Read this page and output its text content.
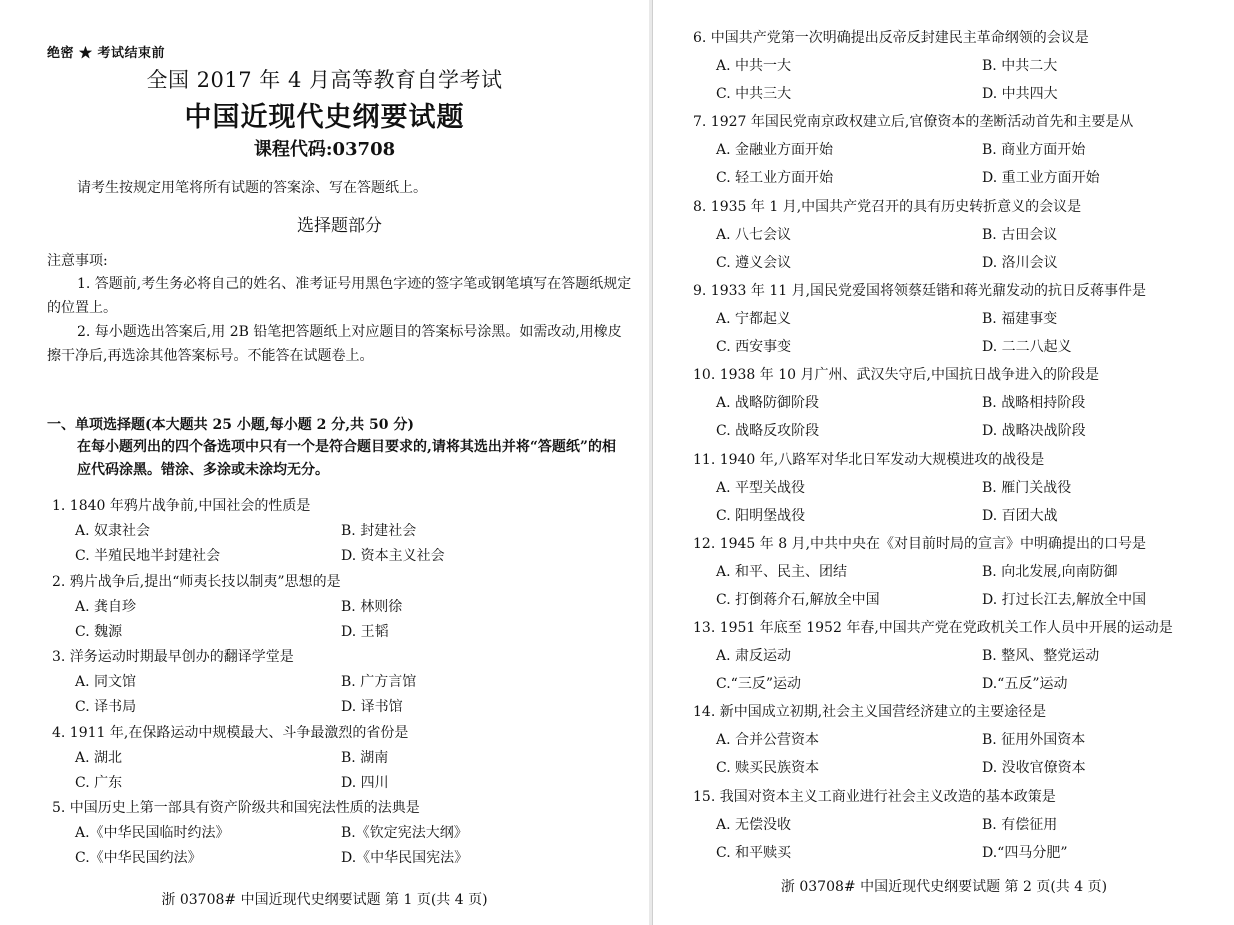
绝密 ★ 考试结束前
全国 2017 年 4 月高等教育自学考试
中国近现代史纲要试题
课程代码:03708
请考生按规定用笔将所有试题的答案涂、写在答题纸上。
选择题部分
注意事项:
1. 答题前,考生务必将自己的姓名、准考证号用黑色字迹的签字笔或钢笔填写在答题纸规定的位置上。
2. 每小题选出答案后,用 2B 铅笔把答题纸上对应题目的答案标号涂黑。如需改动,用橡皮擦干净后,再选涂其他答案标号。不能答在试题卷上。
一、单项选择题(本大题共 25 小题,每小题 2 分,共 50 分)
在每小题列出的四个备选项中只有一个是符合题目要求的,请将其选出并将“答题纸”的相应代码涂黑。错涂、多涂或未涂均无分。
1. 1840 年鸦片战争前,中国社会的性质是
A. 奴隶社会	B. 封建社会
C. 半殖民地半封建社会	D. 资本主义社会
2. 鸦片战争后,提出“师夷长技以制夷”思想的是
A. 龚自珍	B. 林则徐
C. 魏源	D. 王韬
3. 洋务运动时期最早创办的翻译学堂是
A. 同文馆	B. 广方言馆
C. 译书局	D. 译书馆
4. 1911 年,在保路运动中规模最大、斗争最激烈的省份是
A. 湖北	B. 湖南
C. 广东	D. 四川
5. 中国历史上第一部具有资产阶级共和国宪法性质的法典是
A.《中华民国临时约法》	B.《钦定宪法大纲》
C.《中华民国约法》	D.《中华民国宪法》
浙 03708# 中国近现代史纲要试题 第 1 页(共 4 页)
6. 中国共产党第一次明确提出反帝反封建民主革命纲领的会议是
A. 中共一大	B. 中共二大
C. 中共三大	D. 中共四大
7. 1927 年国民党南京政权建立后,官僚资本的垄断活动首先和主要是从
A. 金融业方面开始	B. 商业方面开始
C. 轻工业方面开始	D. 重工业方面开始
8. 1935 年 1 月,中国共产党召开的具有历史转折意义的会议是
A. 八七会议	B. 古田会议
C. 遵义会议	D. 洛川会议
9. 1933 年 11 月,国民党爱国将领蔡廷锴和蒋光鼐发动的抗日反蒋事件是
A. 宁都起义	B. 福建事变
C. 西安事变	D. 二二八起义
10. 1938 年 10 月广州、武汉失守后,中国抗日战争进入的阶段是
A. 战略防御阶段	B. 战略相持阶段
C. 战略反攻阶段	D. 战略决战阶段
11. 1940 年,八路军对华北日军发动大规模进攻的战役是
A. 平型关战役	B. 雁门关战役
C. 阳明堡战役	D. 百团大战
12. 1945 年 8 月,中共中央在《对目前时局的宣言》中明确提出的口号是
A. 和平、民主、团结	B. 向北发展,向南防御
C. 打倒蒋介石,解放全中国	D. 打过长江去,解放全中国
13. 1951 年底至 1952 年春,中国共产党在党政机关工作人员中开展的运动是
A. 肃反运动	B. 整风、整党运动
C.“三反”运动	D.“五反”运动
14. 新中国成立初期,社会主义国营经济建立的主要途径是
A. 合并公营资本	B. 征用外国资本
C. 赎买民族资本	D. 没收官僚资本
15. 我国对资本主义工商业进行社会主义改造的基本政策是
A. 无偿没收	B. 有偿征用
C. 和平赎买	D.“四马分肥”
浙 03708# 中国近现代史纲要试题 第 2 页(共 4 页)
